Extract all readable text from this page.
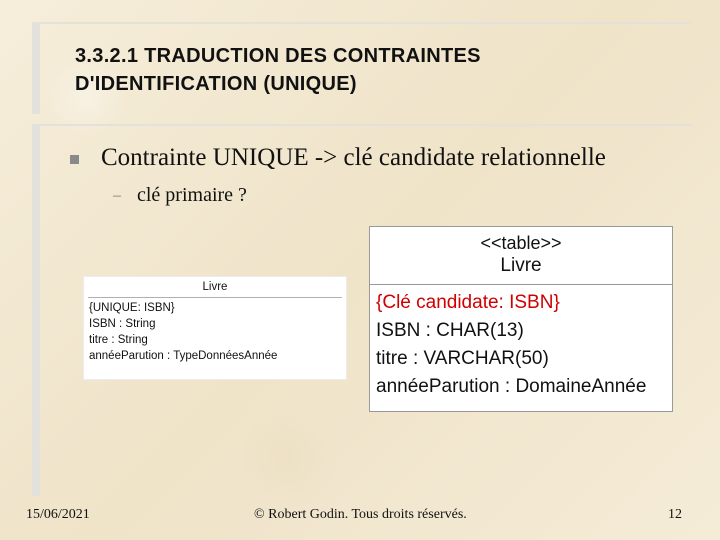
3.3.2.1 TRADUCTION DES CONTRAINTES
D'IDENTIFICATION (UNIQUE)
Contrainte UNIQUE -> clé candidate relationnelle
– clé primaire ?
Livre
{UNIQUE: ISBN}
ISBN : String
titre : String
annéeParution : TypeDonnéesAnnée
<<table>>
Livre
{Clé candidate: ISBN}
ISBN : CHAR(13)
titre : VARCHAR(50)
annéeParution : DomaineAnnée
15/06/2021	© Robert Godin. Tous droits réservés.	12
